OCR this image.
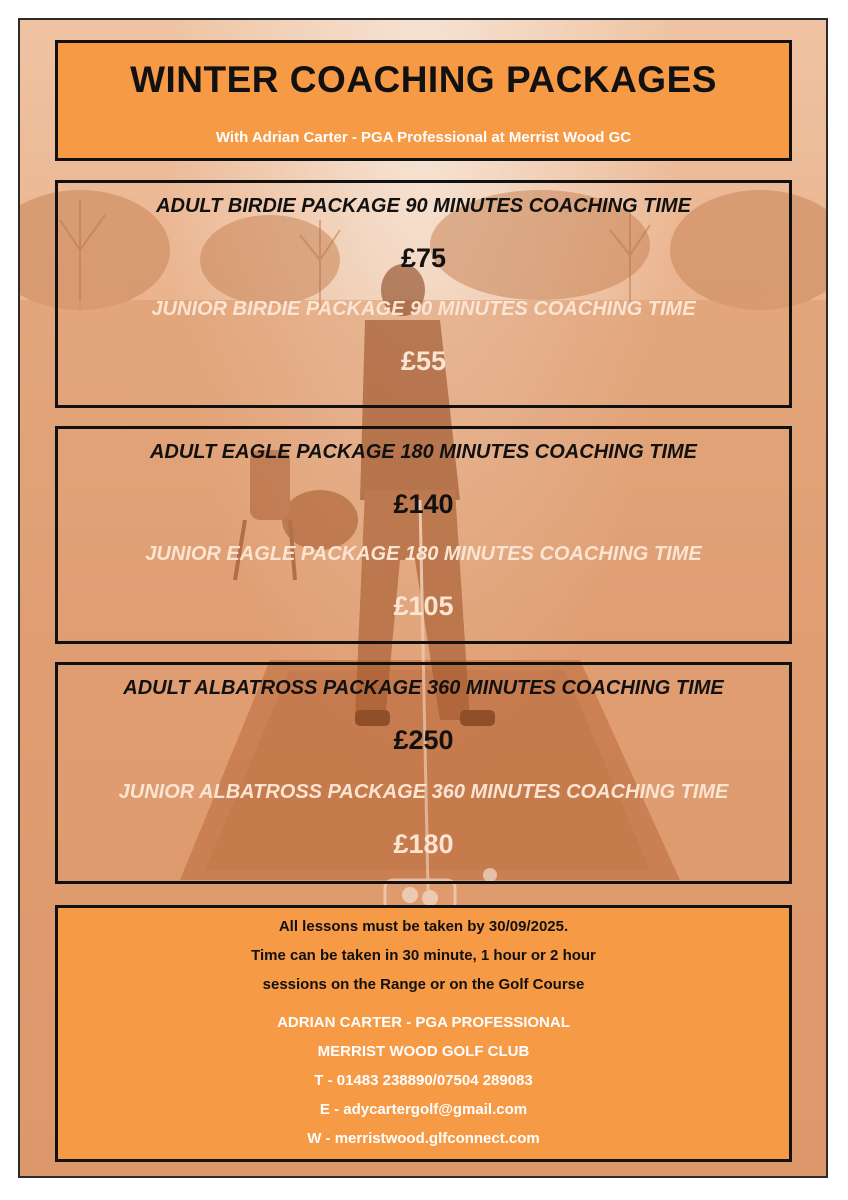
WINTER COACHING PACKAGES
With Adrian Carter - PGA Professional at Merrist Wood GC
ADULT BIRDIE PACKAGE 90 MINUTES COACHING TIME
£75
JUNIOR BIRDIE PACKAGE 90 MINUTES COACHING TIME
£55
ADULT EAGLE PACKAGE 180 MINUTES COACHING TIME
£140
JUNIOR EAGLE PACKAGE 180 MINUTES COACHING TIME
£105
ADULT ALBATROSS PACKAGE 360 MINUTES COACHING TIME
£250
JUNIOR ALBATROSS PACKAGE 360 MINUTES COACHING TIME
£180
All lessons must be taken by 30/09/2025.
Time can be taken in 30 minute, 1 hour or 2 hour
sessions on the Range or on the Golf Course
ADRIAN CARTER - PGA PROFESSIONAL
MERRIST WOOD GOLF CLUB
T - 01483 238890/07504 289083
E - adycartergolf@gmail.com
W - merristwood.glfconnect.com
